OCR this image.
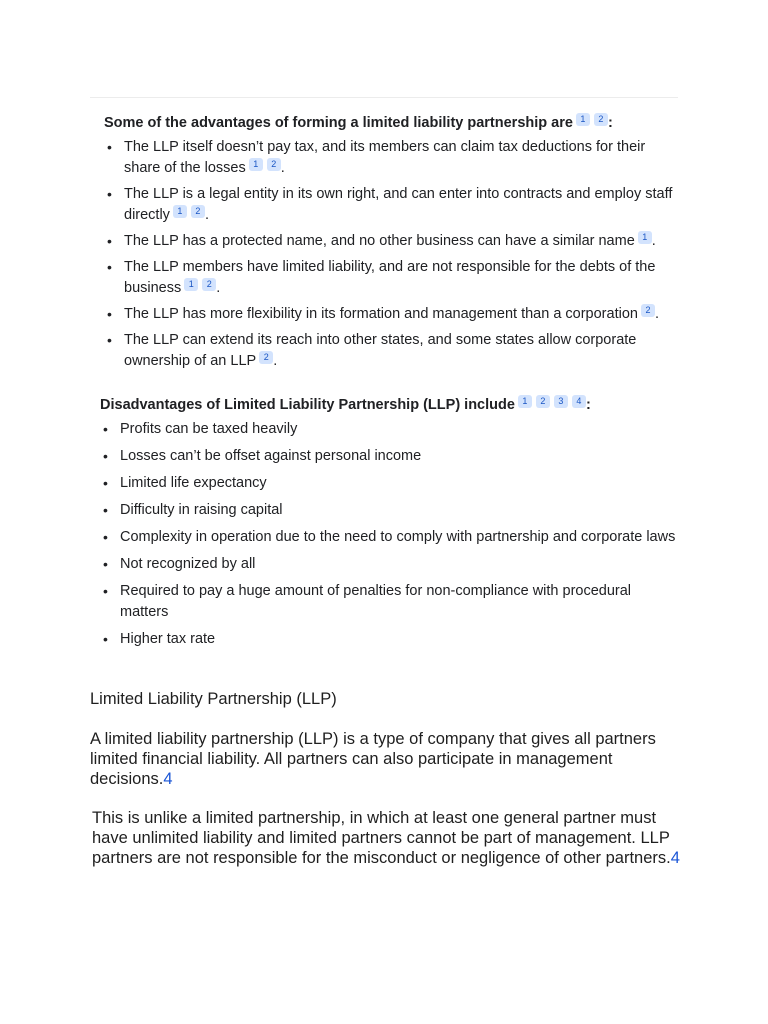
Some of the advantages of forming a limited liability partnership are 1 2 :
• The LLP itself doesn’t pay tax, and its members can claim tax deductions for their share of the losses 1 2 .
• The LLP is a legal entity in its own right, and can enter into contracts and employ staff directly 1 2 .
• The LLP has a protected name, and no other business can have a similar name 1 .
• The LLP members have limited liability, and are not responsible for the debts of the business 1 2 .
• The LLP has more flexibility in its formation and management than a corporation 2 .
• The LLP can extend its reach into other states, and some states allow corporate ownership of an LLP 2 .
Disadvantages of Limited Liability Partnership (LLP) include 1 2 3 4 :
• Profits can be taxed heavily
• Losses can’t be offset against personal income
• Limited life expectancy
• Difficulty in raising capital
• Complexity in operation due to the need to comply with partnership and corporate laws
• Not recognized by all
• Required to pay a huge amount of penalties for non-compliance with procedural matters
• Higher tax rate
Limited Liability Partnership (LLP)
A limited liability partnership (LLP) is a type of company that gives all partners limited financial liability. All partners can also participate in management decisions.4
This is unlike a limited partnership, in which at least one general partner must have unlimited liability and limited partners cannot be part of management. LLP partners are not responsible for the misconduct or negligence of other partners.4
